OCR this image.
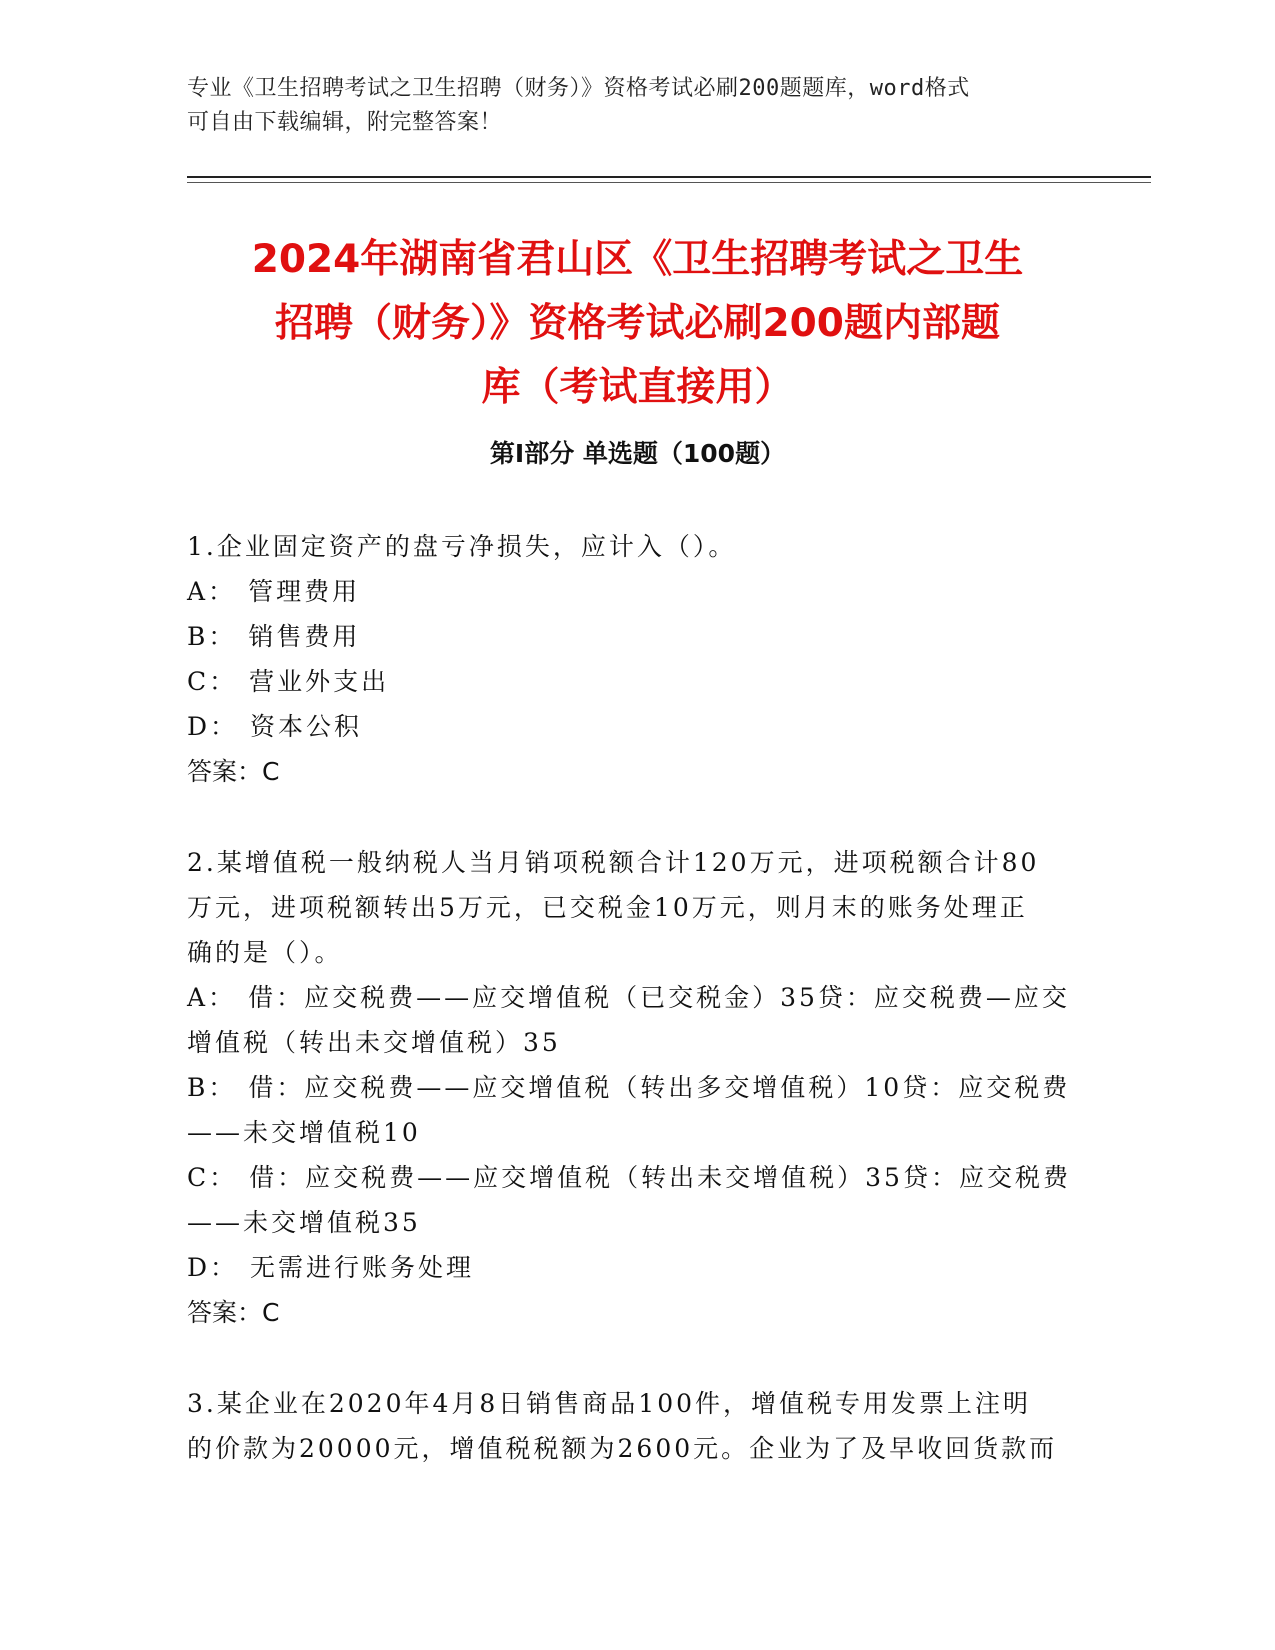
专业《卫生招聘考试之卫生招聘（财务）》资格考试必刷200题题库，word格式
可自由下载编辑，附完整答案！
2024年湖南省君山区《卫生招聘考试之卫生
招聘（财务）》资格考试必刷200题内部题
库（考试直接用）
第Ⅰ部分 单选题（100题）
1.企业固定资产的盘亏净损失，应计入（）。
A： 管理费用
B： 销售费用
C： 营业外支出
D： 资本公积
答案：C
2.某增值税一般纳税人当月销项税额合计120万元，进项税额合计80
万元，进项税额转出5万元，已交税金10万元，则月末的账务处理正
确的是（）。
A： 借：应交税费——应交增值税（已交税金）35贷：应交税费—应交
增值税（转出未交增值税）35
B： 借：应交税费——应交增值税（转出多交增值税）10贷：应交税费
——未交增值税10
C： 借：应交税费——应交增值税（转出未交增值税）35贷：应交税费
——未交增值税35
D： 无需进行账务处理
答案：C
3.某企业在2020年4月8日销售商品100件，增值税专用发票上注明
的价款为20000元，增值税税额为2600元。企业为了及早收回货款而
